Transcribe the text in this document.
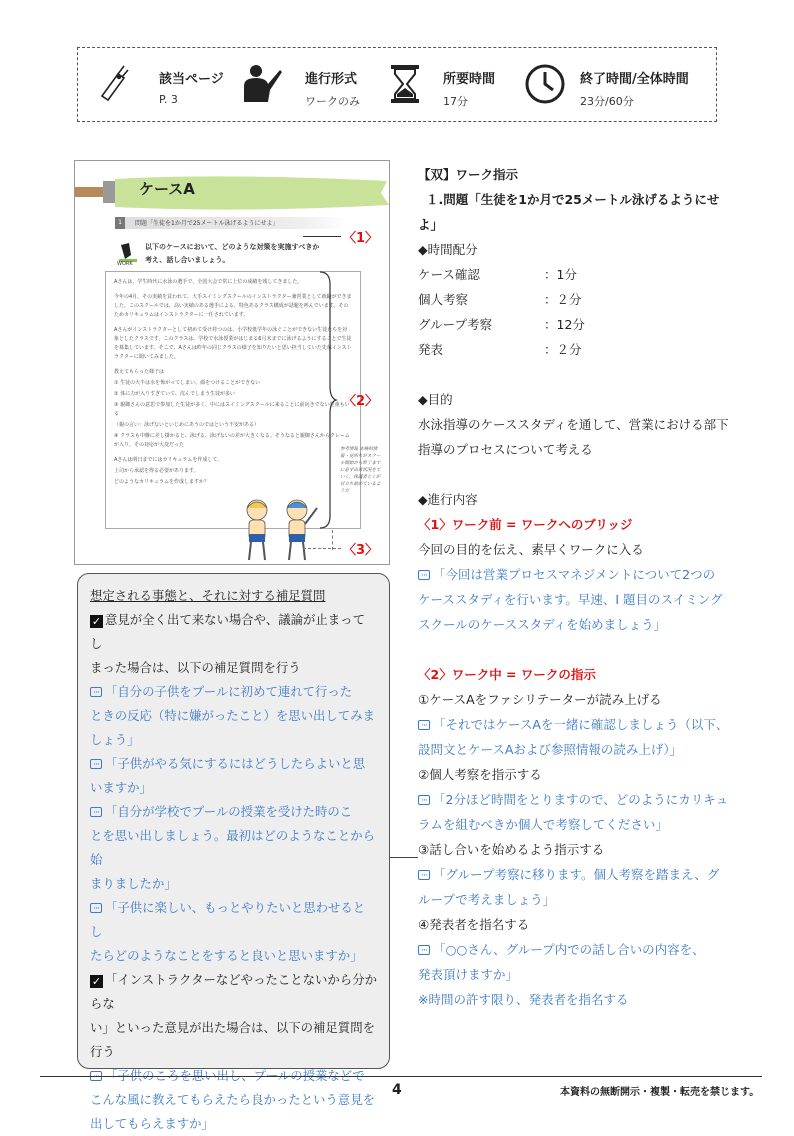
該当ページ
P. 3
進行形式
ワークのみ
所要時間
17分
終了時間/全体時間
23分/60分
ケースA
1	問題「生徒を1か月で25メートル泳げるようにせよ」
WORK
以下のケースにおいて、どのような対策を実施すべきか考え、話し合いましょう。

Aさんは、学生時代に水泳の選手で、全国大会で常に上位の成績を残してきました。

今年の4月、その実績を買われて、大手スイミングスクールのインストラクター兼営業として就職ができました。このスクールでは、高い実績のある選手による、特色あるクラス構成が話題を呼んでいます。そのためカリキュラムはインストラクターに一任されています。

Aさんがインストラクターとして初めて受け持つのは、小学校低学年の泳ぐことができない生徒たちを対象としたクラスです。このクラスは、学校で水泳授業がはじまる6月末までに泳げるようにすることで生徒を募集しています。そこで、Aさんは昨年の同じクラスの様子を知りたいと思い担当していた先輩インストラクターに聞いてみました。

教えてもらった様子は

① 生徒の大半は水を怖がってしまい、顔をつけることができない

② 体に力が入りすぎていて、沈んでしまう生徒が多い

③ 親御さんの意思で参加した生徒が多く、中にはスイミングスクールに来ることに前向きでない児童もいる

（親の言い：泳げないといじめにあうのではという不安がある）

④ クラスも中盤に差し掛かると、泳げる、泳げないの差が大きくなる。そうなると親御さんからクレームが入り、その対応が大変だった

Aさんは明日までにはカリキュラムを作成して、

上司から承認を得る必要があります。

どのようなカリキュラムを作成しますか？

参考情報 本格的情報・見所ちがスクール開始から終了までに必ず出席状況をていく。保護者とくが目立ち始めているようだ
〈1〉
〈2〉
〈3〉
想定される事態と、それに対する補足質問
✓ 意見が全く出て来ない場合や、議論が止まってし
まった場合は、以下の補足質問を行う
···「自分の子供をプールに初めて連れて行った
ときの反応（特に嫌がったこと）を思い出してみま
しょう」
···「子供がやる気にするにはどうしたらよいと思
いますか」
···「自分が学校でプールの授業を受けた時のこ
とを思い出しましょう。最初はどのようなことから始
まりましたか」
···「子供に楽しい、もっとやりたいと思わせるとし
たらどのようなことをすると良いと思いますか」
✓ 「インストラクターなどやったことないから分からな
い」といった意見が出た場合は、以下の補足質問を
行う
···「子供のころを思い出し、プールの授業などで
こんな風に教えてもらえたら良かったという意見を
出してもらえますか」
【双】ワーク指示
１.問題「生徒を1か月で25メートル泳げるようにせ
よ」
◆時間配分
ケース確認	：1分
個人考察	：２分
グループ考察	：12分
発表	：２分
◆目的
水泳指導のケーススタディを通して、営業における部下
指導のプロセスについて考える
◆進行内容
〈1〉ワーク前 = ワークへのブリッジ
今回の目的を伝え、素早くワークに入る
···「今回は営業プロセスマネジメントについて2つの
ケーススタディを行います。早速、I 題目のスイミング
スクールのケーススタディを始めましょう」
〈2〉ワーク中 = ワークの指示
①ケースAをファシリテーターが読み上げる
···「それではケースAを一緒に確認しましょう（以下、
設問文とケースAおよび参照情報の読み上げ）」
②個人考察を指示する
···「2分ほど時間をとりますので、どのようにカリキュ
ラムを組むべきか個人で考察してください」
③話し合いを始めるよう指示する
···「グループ考察に移ります。個人考察を踏まえ、グ
ループで考えましょう」
④発表者を指名する
···「○○さん、グループ内での話し合いの内容を、
発表頂けますか」
※時間の許す限り、発表者を指名する
4	本資料の無断開示・複製・転売を禁じます。
